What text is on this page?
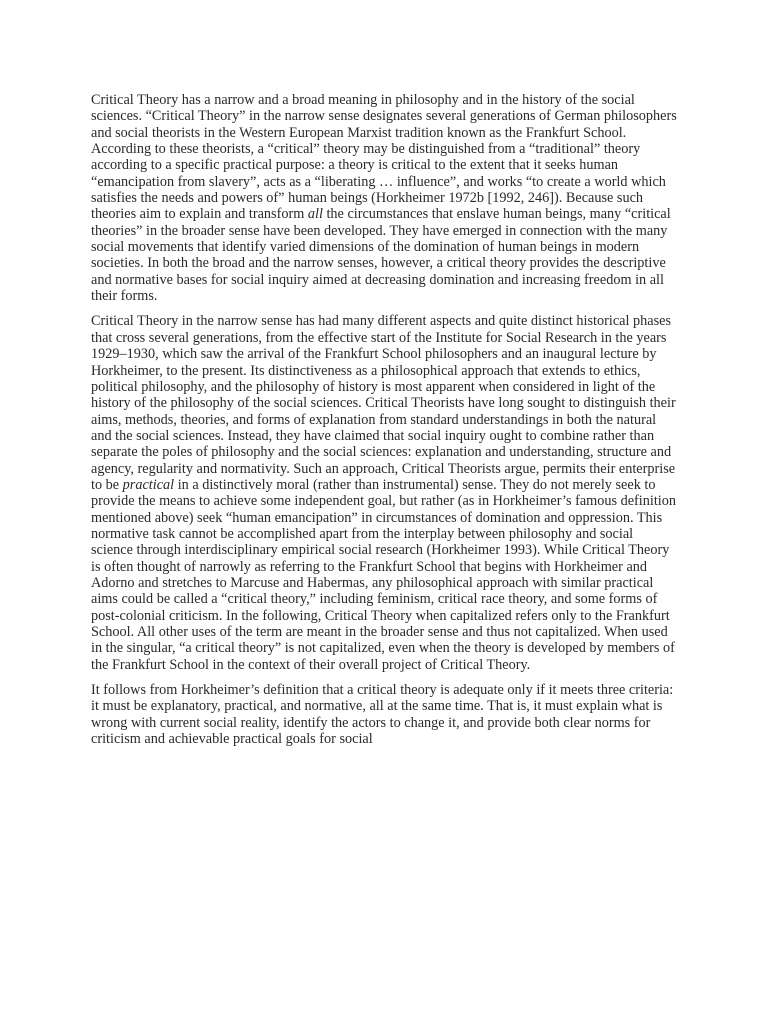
Critical Theory has a narrow and a broad meaning in philosophy and in the history of the social sciences. “Critical Theory” in the narrow sense designates several generations of German philosophers and social theorists in the Western European Marxist tradition known as the Frankfurt School. According to these theorists, a “critical” theory may be distinguished from a “traditional” theory according to a specific practical purpose: a theory is critical to the extent that it seeks human “emancipation from slavery”, acts as a “liberating … influence”, and works “to create a world which satisfies the needs and powers of” human beings (Horkheimer 1972b [1992, 246]). Because such theories aim to explain and transform all the circumstances that enslave human beings, many “critical theories” in the broader sense have been developed. They have emerged in connection with the many social movements that identify varied dimensions of the domination of human beings in modern societies. In both the broad and the narrow senses, however, a critical theory provides the descriptive and normative bases for social inquiry aimed at decreasing domination and increasing freedom in all their forms.

Critical Theory in the narrow sense has had many different aspects and quite distinct historical phases that cross several generations, from the effective start of the Institute for Social Research in the years 1929–1930, which saw the arrival of the Frankfurt School philosophers and an inaugural lecture by Horkheimer, to the present. Its distinctiveness as a philosophical approach that extends to ethics, political philosophy, and the philosophy of history is most apparent when considered in light of the history of the philosophy of the social sciences. Critical Theorists have long sought to distinguish their aims, methods, theories, and forms of explanation from standard understandings in both the natural and the social sciences. Instead, they have claimed that social inquiry ought to combine rather than separate the poles of philosophy and the social sciences: explanation and understanding, structure and agency, regularity and normativity. Such an approach, Critical Theorists argue, permits their enterprise to be practical in a distinctively moral (rather than instrumental) sense. They do not merely seek to provide the means to achieve some independent goal, but rather (as in Horkheimer’s famous definition mentioned above) seek “human emancipation” in circumstances of domination and oppression. This normative task cannot be accomplished apart from the interplay between philosophy and social science through interdisciplinary empirical social research (Horkheimer 1993). While Critical Theory is often thought of narrowly as referring to the Frankfurt School that begins with Horkheimer and Adorno and stretches to Marcuse and Habermas, any philosophical approach with similar practical aims could be called a “critical theory,” including feminism, critical race theory, and some forms of post-colonial criticism. In the following, Critical Theory when capitalized refers only to the Frankfurt School. All other uses of the term are meant in the broader sense and thus not capitalized. When used in the singular, “a critical theory” is not capitalized, even when the theory is developed by members of the Frankfurt School in the context of their overall project of Critical Theory.

It follows from Horkheimer’s definition that a critical theory is adequate only if it meets three criteria: it must be explanatory, practical, and normative, all at the same time. That is, it must explain what is wrong with current social reality, identify the actors to change it, and provide both clear norms for criticism and achievable practical goals for social
